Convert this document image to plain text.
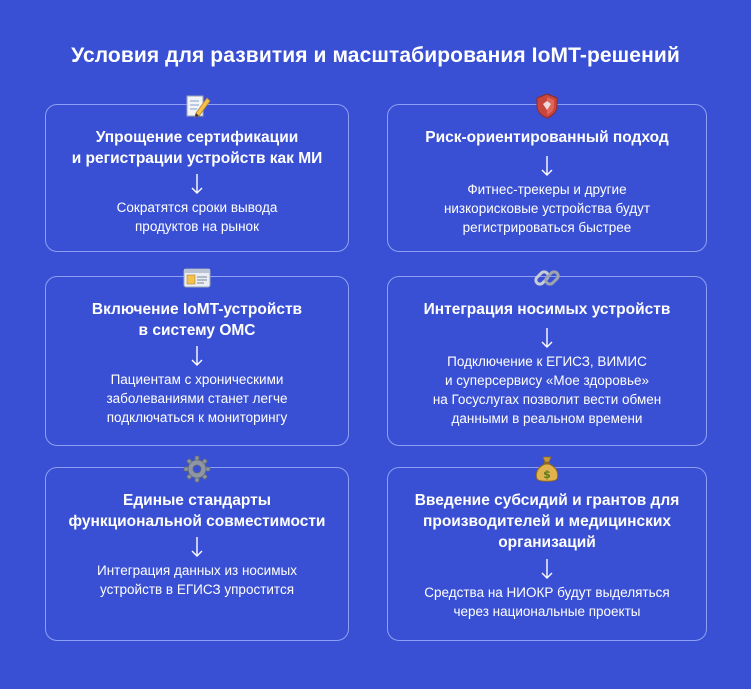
Условия для развития и масштабирования IoMT-решений
Упрощение сертификации
и регистрации устройств как МИ
Сократятся сроки вывода
продуктов на рынок
Риск-ориентированный подход
Фитнес-трекеры и другие
низкорисковые устройства будут
регистрироваться быстрее
Включение IoMT-устройств
в систему ОМС
Пациентам с хроническими
заболеваниями станет легче
подключаться к мониторингу
Интеграция носимых устройств
Подключение к ЕГИСЗ, ВИМИС
и суперсервису «Мое здоровье»
на Госуслугах позволит вести обмен
данными в реальном времени
Единые стандарты
функциональной совместимости
Интеграция данных из носимых
устройств в ЕГИСЗ упростится
$
Введение субсидий и грантов для
производителей и медицинских
организаций
Средства на НИОКР будут выделяться
через национальные проекты
